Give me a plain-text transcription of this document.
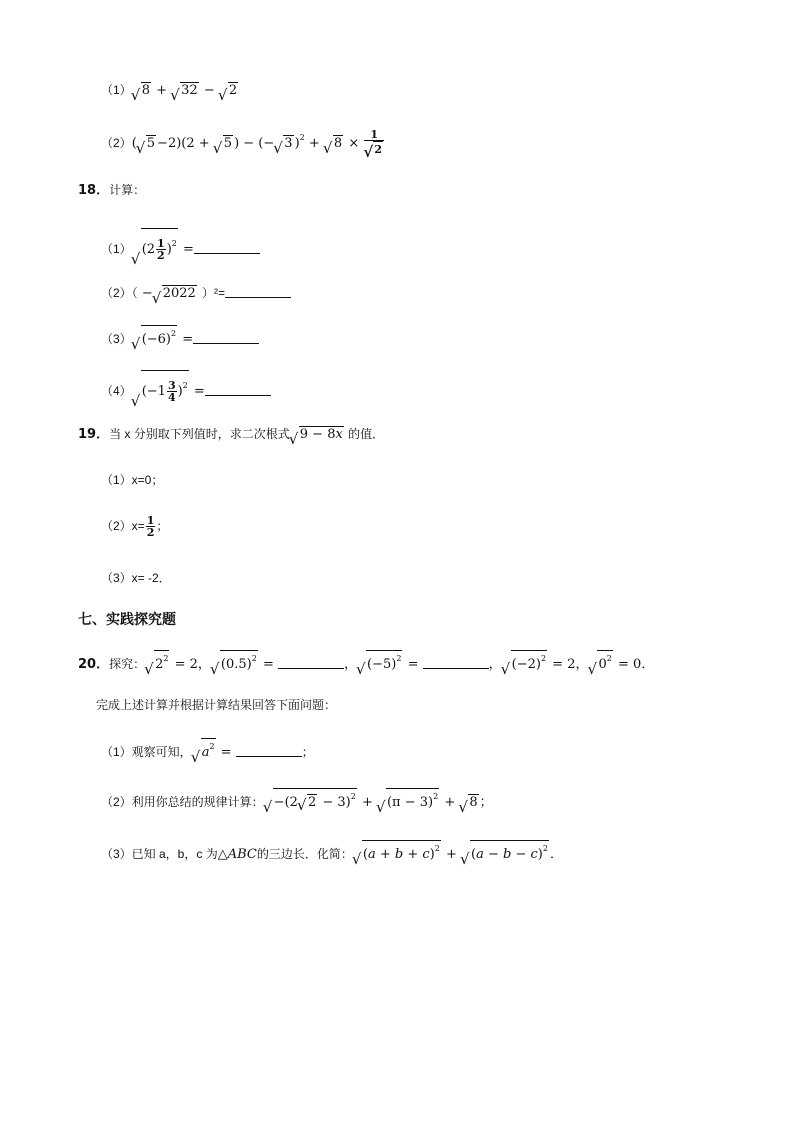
（1） √ 8 + √ 32 − √ 2
（2）( √ 5 −2)(2 + √ 5 ) − (− √ 3 )$^2$ + √ 8 × 1
√ 2
18．计算：
（1） √ $(2 \frac{1}{2} )^2$ =
（2）（ − √ 2022 ）²=
（3） √ $(-6)^2$ =
（4） √ $(-1 \frac{3}{4} )^2$ =
19．当 x 分别取下列值时，求二次根式 √ 9 − 8x 的值．
（1）x=0；
$(2)x= \frac{1}{2}$ ；
（3）x= -2．
七、实践探究题
20．探究： √ $2^2 = 2$， √ $(0.5)^2$ =	， √ $(-5)^2$ =	， √ $(-2)^2 = 2$， √ $0^2 = 0$．
完成上述计算并根据计算结果回答下面问题：
（1）观察可知， √ $a^2$ =	；
（2）利用你总结的规律计算： √ −(2 √ 2 − 3)$^2$ + √ $(\pi - 3)^2$ + √ 8 ；
（3）已知 a，b，c 为△ABC的三边长．化简： √ $(a + b + c)^2$ + √ $(a - b - c)^2$ ．
